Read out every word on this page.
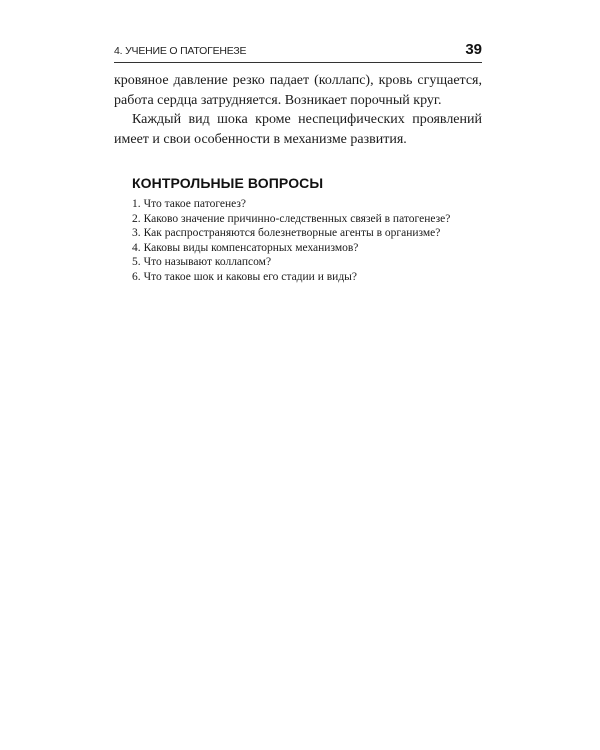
4. УЧЕНИЕ О ПАТОГЕНЕЗЕ	39

кровяное давление резко падает (коллапс), кровь сгущается, работа сердца затрудняется. Возникает порочный круг.

Каждый вид шока кроме неспецифических проявлений имеет и свои особенности в механизме развития.

КОНТРОЛЬНЫЕ ВОПРОСЫ
1. Что такое патогенез?
2. Каково значение причинно-следственных связей в патогенезе?
3. Как распространяются болезнетворные агенты в организме?
4. Каковы виды компенсаторных механизмов?
5. Что называют коллапсом?
6. Что такое шок и каковы его стадии и виды?
